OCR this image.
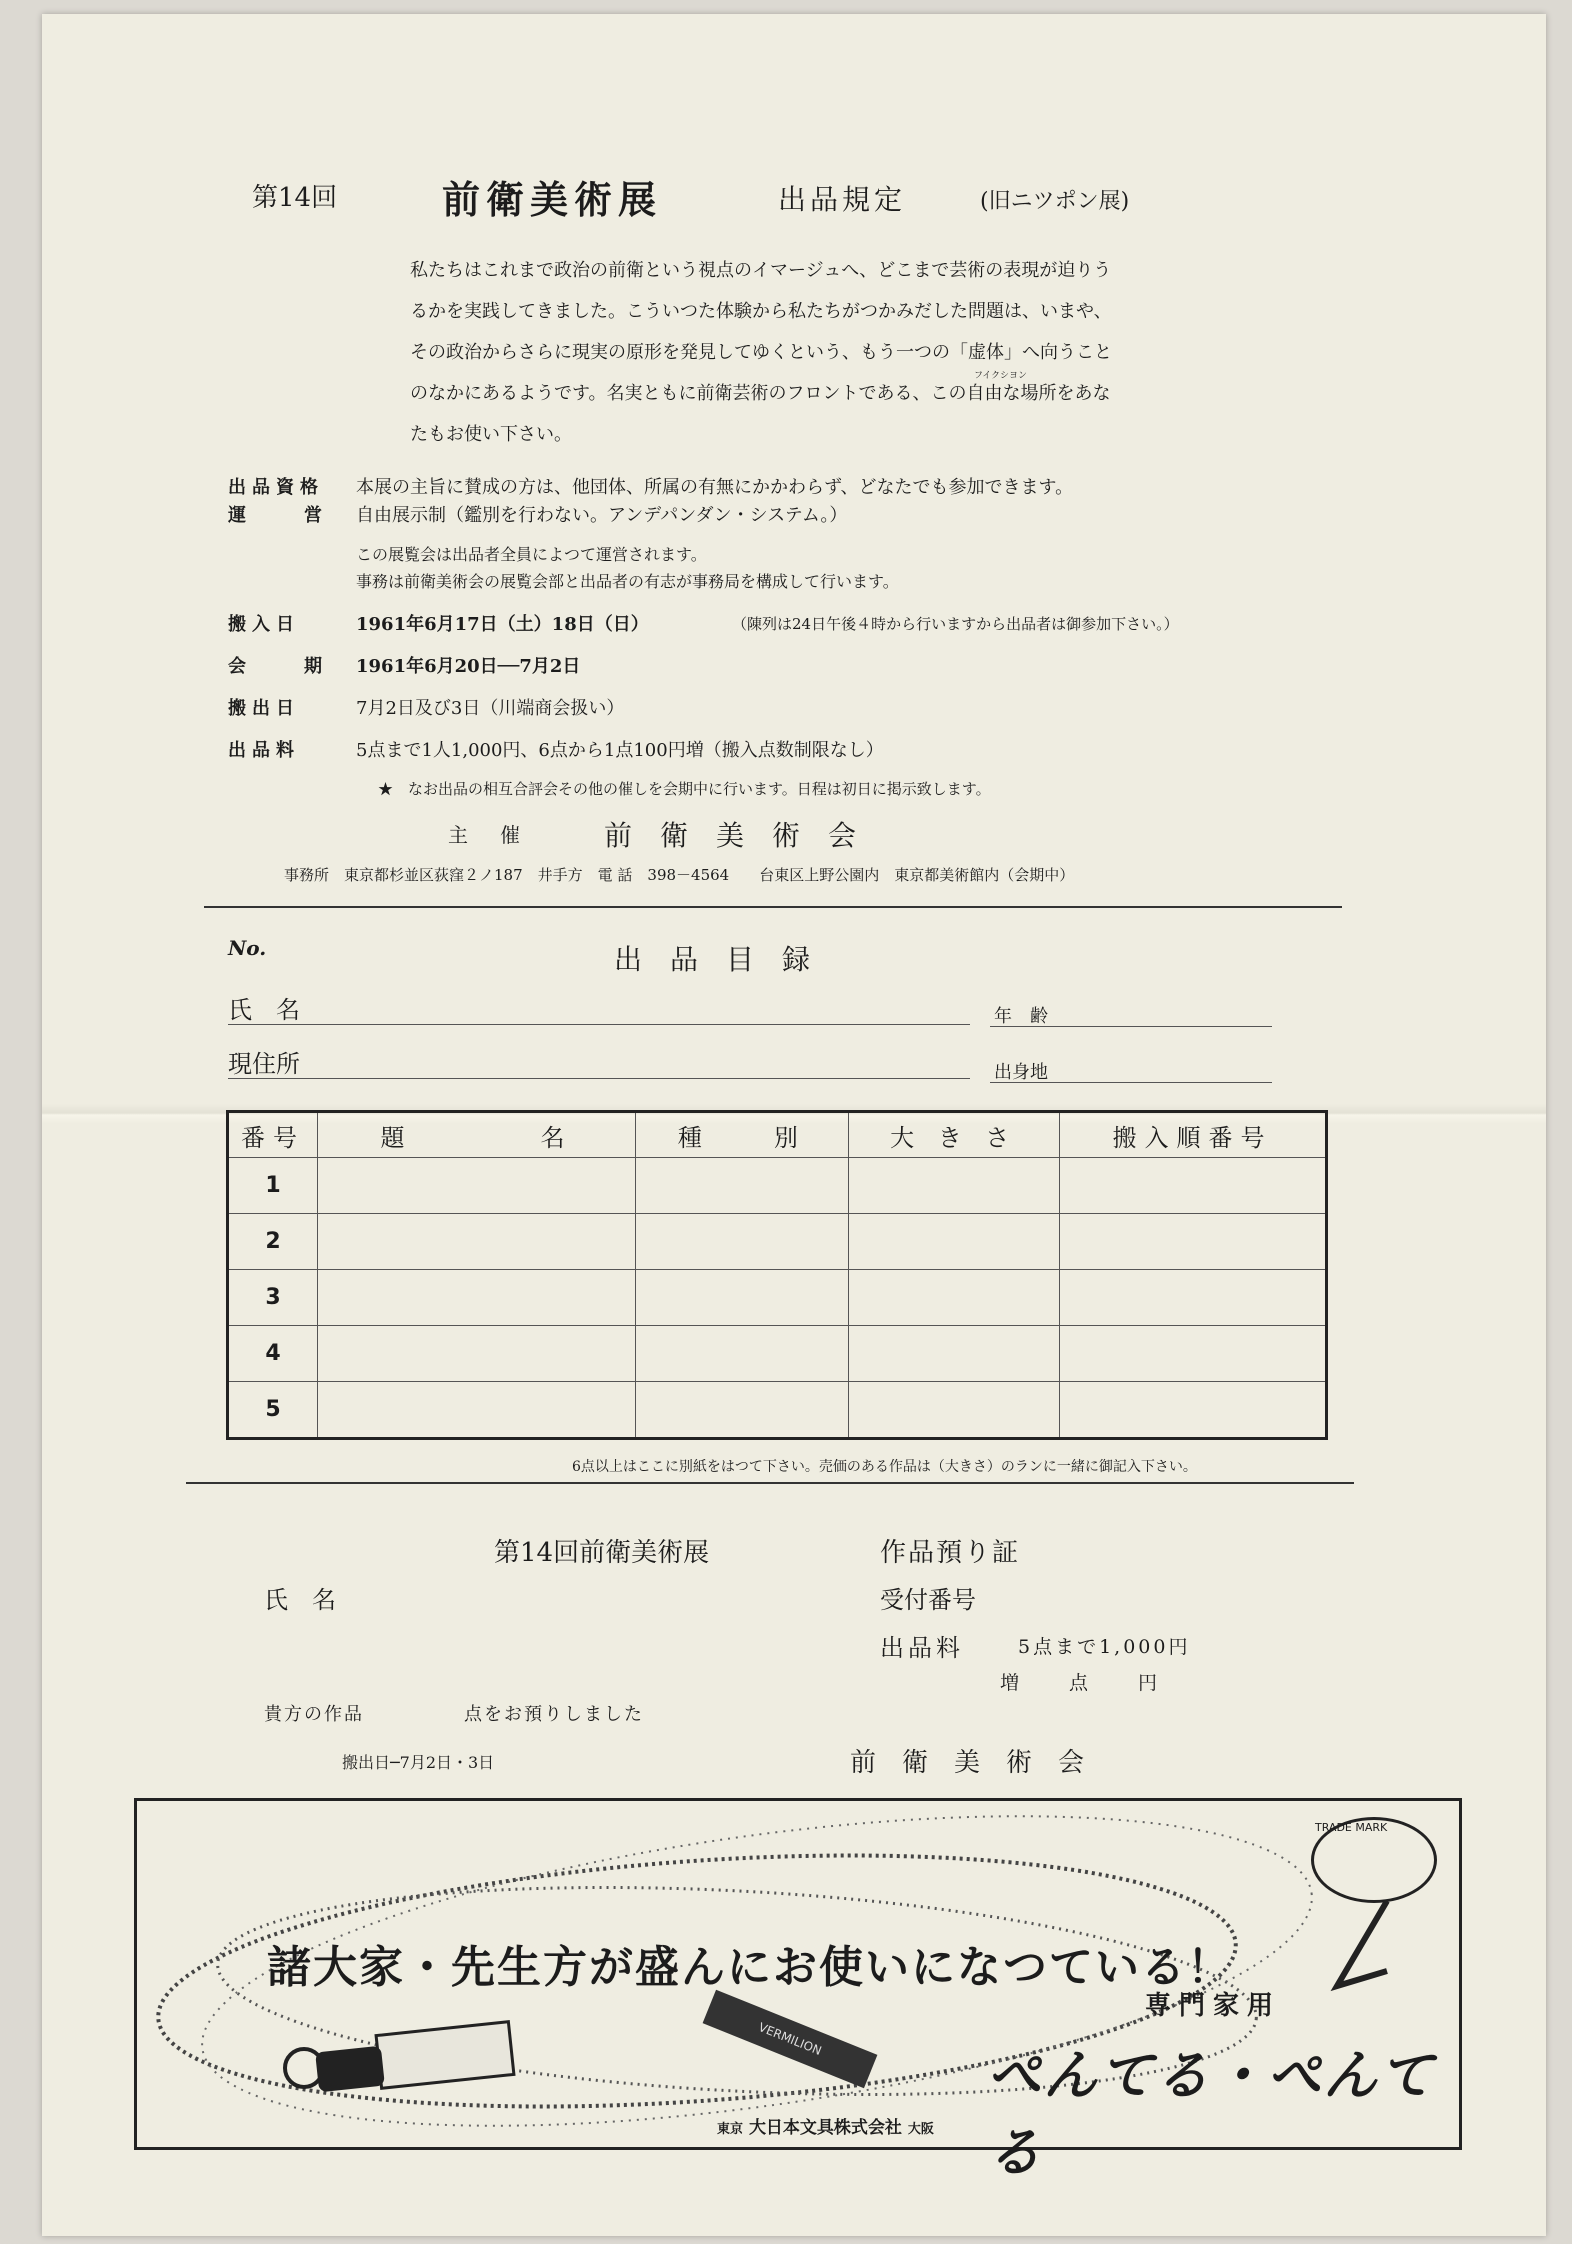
第14回	前衛美術展	出品規定	(旧ニツポン展)

私たちはこれまで政治の前衛という視点のイマージュへ、どこまで芸術の表現が迫りう

るかを実践してきました。こういつた体験から私たちがつかみだした問題は、いまや、

その政治からさらに現実の原形を発見してゆくという、もう一つの「虚体」へ向うこと

のなかにあるようです。名実ともに前衛芸術のフロントである、この自由な場所をあな

たもお使い下さい。

フイクシヨン
出品資格 本展の主旨に賛成の方は、他団体、所属の有無にかかわらず、どなたでも参加できます。
運　営 自由展示制（鑑別を行わない。アンデパンダン・システム。）
この展覧会は出品者全員によつて運営されます。
事務は前衛美術会の展覧会部と出品者の有志が事務局を構成して行います。
搬入日	1961年6月17日（土）18日（日）	（陳列は24日午後４時から行いますから出品者は御参加下さい。）
会　期 1961年6月20日──7月2日
搬出日	7月2日及び3日（川端商会扱い）
出品料	5点まで1人1,000円、6点から1点100円増（搬入点数制限なし）
★　なお出品の相互合評会その他の催しを会期中に行います。日程は初日に掲示致します。
主　催	前　衛　美　術　会
事務所　東京都杉並区荻窪２ノ187　井手方　電 話　398－4564　　台東区上野公園内　東京都美術館内（会期中）
No.	出　品　目　録
氏　名	年　齢
現住所	出身地
番号	題　　　　名	種　　別	大 き さ	搬入順番号
1				
2				
3				
4				
5				
6点以上はここに別紙をはつて下さい。売価のある作品は（大きさ）のランに一緒に御記入下さい。
第14回前衛美術展	作品預り証
氏　名	受付番号
出品料	5点まで1,000円
増　　点　　円
貴方の作品　　　　　点をお預りしました
搬出日─7月2日・3日	前　衛　美　術　会
諸大家・先生方が盛んにお使いになつている！
専門家用
ぺんてる・ぺんてる
東京 大日本文具株式会社 大阪
VERMILION
TRADE MARK
